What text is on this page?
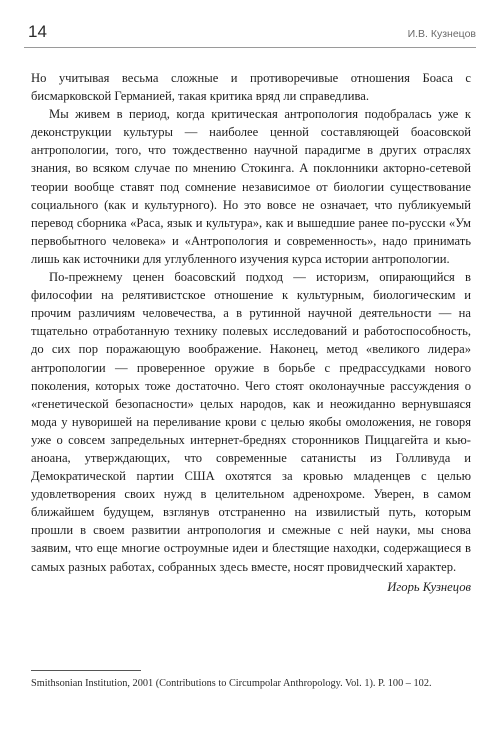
14	И.В. Кузнецов

Но учитывая весьма сложные и противоречивые отношения Боаса с бисмарковской Германией, такая критика вряд ли справедлива.

Мы живем в период, когда критическая антропология подобралась уже к деконструкции культуры — наиболее ценной составляющей боасовской антропологии, того, что тождественно научной парадигме в других отраслях знания, во всяком случае по мнению Стокинга. А поклонники акторно-сетевой теории вообще ставят под сомнение независимое от биологии существование социального (как и культурного). Но это вовсе не означает, что публикуемый перевод сборника «Раса, язык и культура», как и вышедшие ранее по-русски «Ум первобытного человека» и «Антропология и современность», надо принимать лишь как источники для углубленного изучения курса истории антропологии.

По-прежнему ценен боасовский подход — историзм, опирающийся в философии на релятивистское отношение к культурным, биологическим и прочим различиям человечества, а в рутинной научной деятельности — на тщательно отработанную технику полевых исследований и работоспособность, до сих пор поражающую воображение. Наконец, метод «великого лидера» антропологии — проверенное оружие в борьбе с предрассудками нового поколения, которых тоже достаточно. Чего стоят околонаучные рассуждения о «генетической безопасности» целых народов, как и неожиданно вернувшаяся мода у нуворишей на переливание крови с целью якобы омоложения, не говоря уже о совсем запредельных интернет-бреднях сторонников Пиццагейта и кью-аноана, утверждающих, что современные сатанисты из Голливуда и Демократической партии США охотятся за кровью младенцев с целью удовлетворения своих нужд в целительном адренохроме. Уверен, в самом ближайшем будущем, взглянув отстраненно на извилистый путь, которым прошли в своем развитии антропология и смежные с ней науки, мы снова заявим, что еще многие остроумные идеи и блестящие находки, содержащиеся в самых разных работах, собранных здесь вместе, носят провидческий характер.

Игорь Кузнецов

Smithsonian Institution, 2001 (Contributions to Circumpolar Anthropology. Vol. 1). P. 100 – 102.
